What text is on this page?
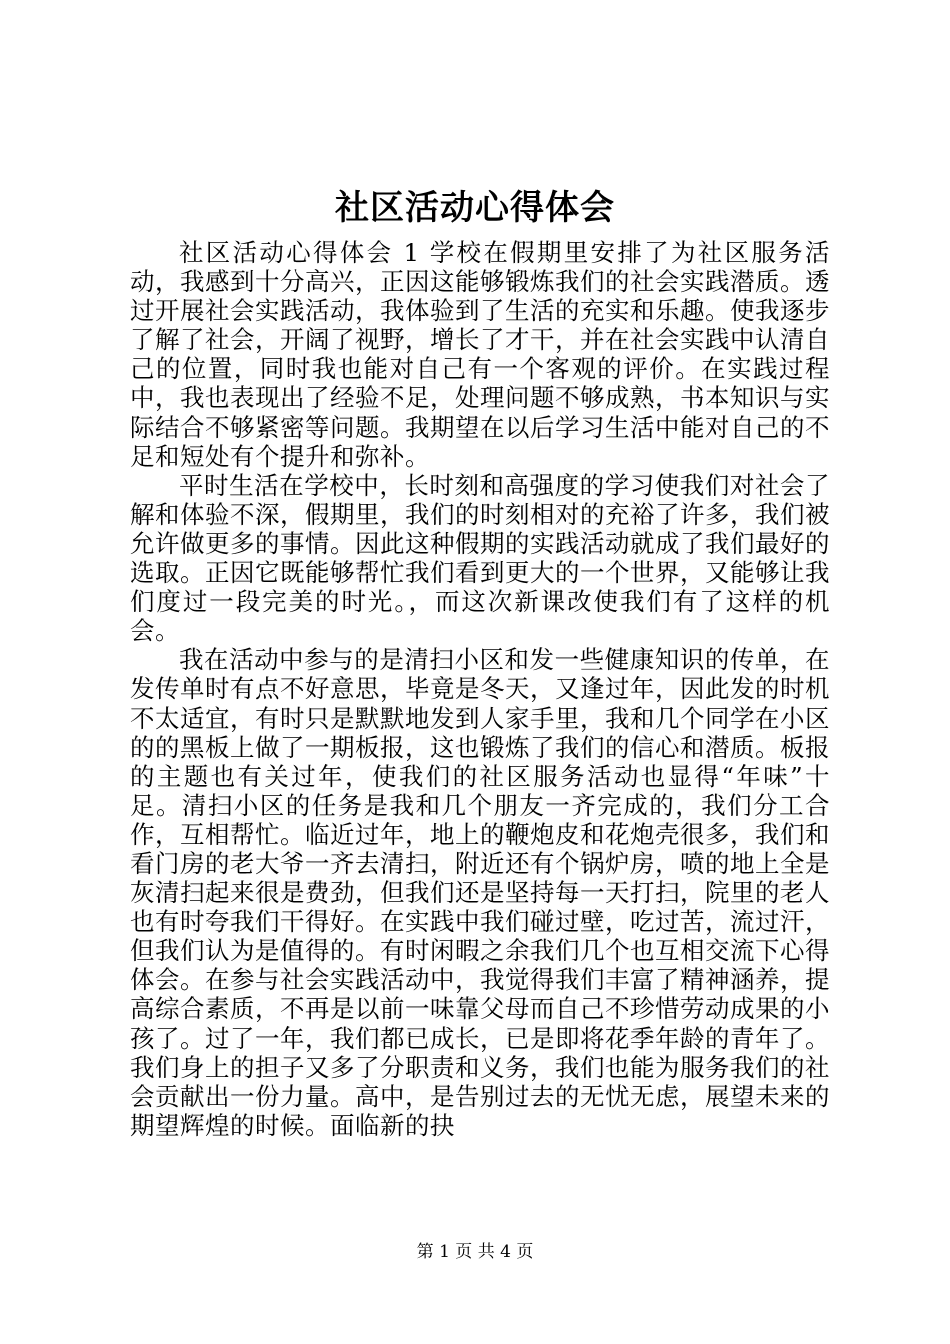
社区活动心得体会

社区活动心得体会 1 学校在假期里安排了为社区服务活动，我感到十分高兴，正因这能够锻炼我们的社会实践潜质。透过开展社会实践活动，我体验到了生活的充实和乐趣。使我逐步了解了社会，开阔了视野，增长了才干，并在社会实践中认清自己的位置，同时我也能对自己有一个客观的评价。在实践过程中，我也表现出了经验不足，处理问题不够成熟，书本知识与实际结合不够紧密等问题。我期望在以后学习生活中能对自己的不足和短处有个提升和弥补。

平时生活在学校中，长时刻和高强度的学习使我们对社会了解和体验不深，假期里，我们的时刻相对的充裕了许多，我们被允许做更多的事情。因此这种假期的实践活动就成了我们最好的选取。正因它既能够帮忙我们看到更大的一个世界，又能够让我们度过一段完美的时光。，而这次新课改使我们有了这样的机会。

我在活动中参与的是清扫小区和发一些健康知识的传单，在发传单时有点不好意思，毕竟是冬天，又逢过年，因此发的时机不太适宜，有时只是默默地发到人家手里，我和几个同学在小区的的黑板上做了一期板报，这也锻炼了我们的信心和潜质。板报的主题也有关过年，使我们的社区服务活动也显得“年味”十足。清扫小区的任务是我和几个朋友一齐完成的，我们分工合作，互相帮忙。临近过年，地上的鞭炮皮和花炮壳很多，我们和看门房的老大爷一齐去清扫，附近还有个锅炉房，喷的地上全是灰清扫起来很是费劲，但我们还是坚持每一天打扫，院里的老人也有时夸我们干得好。在实践中我们碰过壁，吃过苦，流过汗，但我们认为是值得的。有时闲暇之余我们几个也互相交流下心得体会。在参与社会实践活动中，我觉得我们丰富了精神涵养，提高综合素质，不再是以前一味靠父母而自己不珍惜劳动成果的小孩了。过了一年，我们都已成长，已是即将花季年龄的青年了。我们身上的担子又多了分职责和义务，我们也能为服务我们的社会贡献出一份力量。高中，是告别过去的无忧无虑，展望未来的期望辉煌的时候。面临新的抉

第 1 页 共 4 页
